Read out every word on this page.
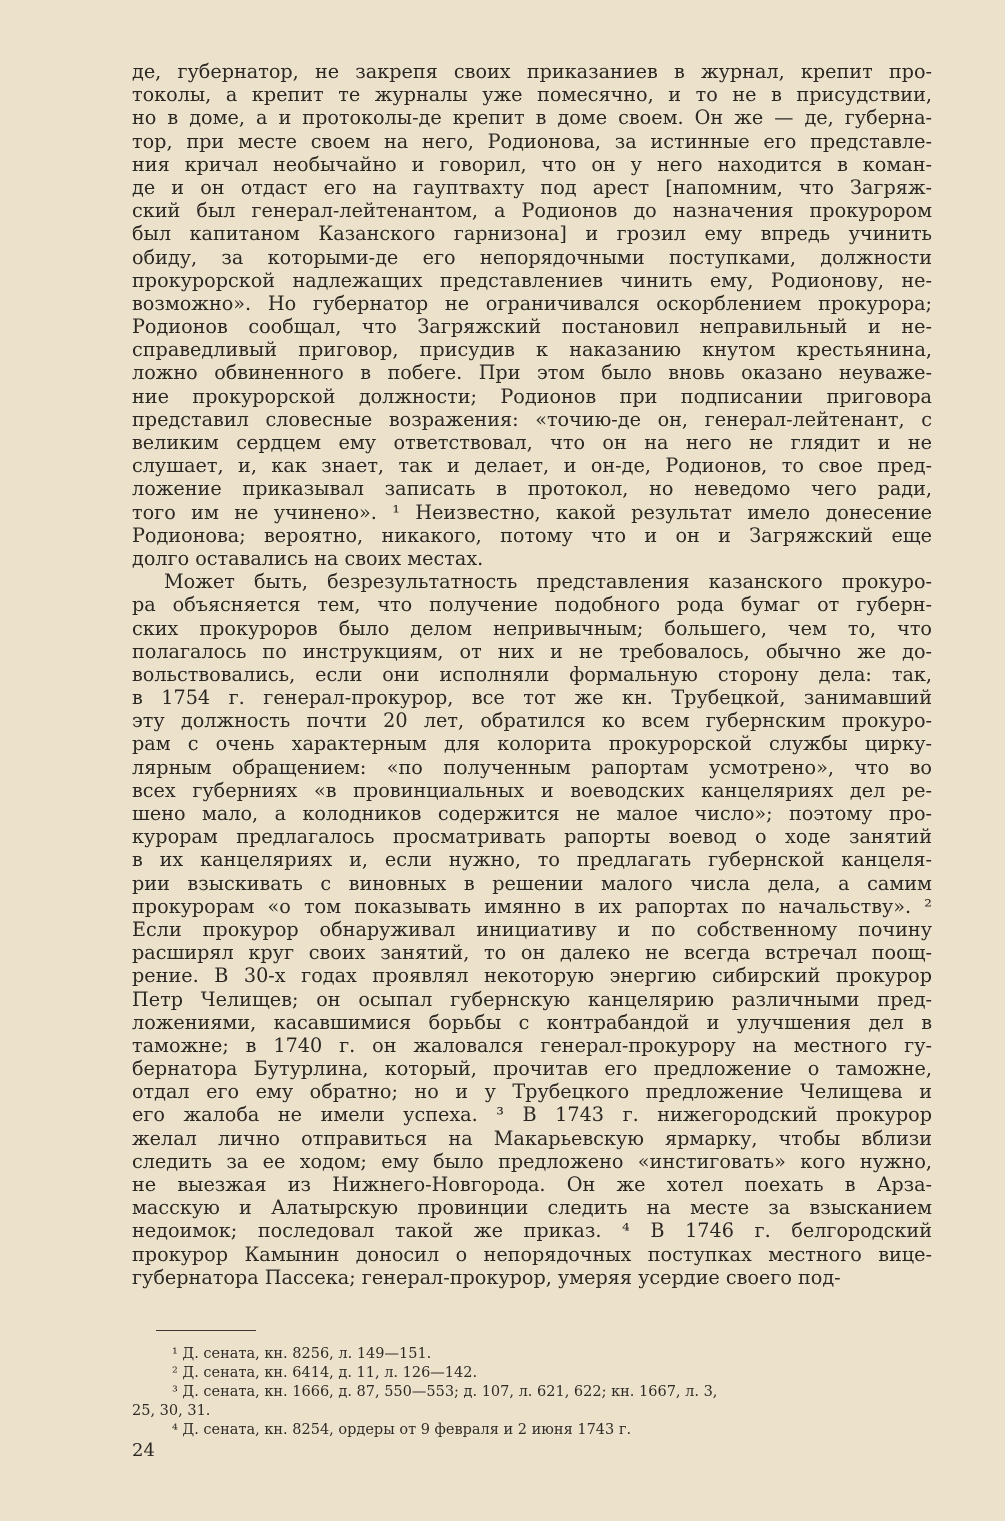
де, губернатор, не закрепя своих приказаниев в журнал, крепит про-
токолы, а крепит те журналы уже помесячно, и то не в присудствии,
но в доме, а и протоколы-де крепит в доме своем. Он же — де, губерна-
тор, при месте своем на него, Родионова, за истинные его представле-
ния кричал необычайно и говорил, что он у него находится в коман-
де и он отдаст его на гауптвахту под арест [напомним, что Загряж-
ский был генерал-лейтенантом, а Родионов до назначения прокурором
был капитаном Казанского гарнизона] и грозил ему впредь учинить
обиду, за которыми-де его непорядочными поступками, должности
прокурорской надлежащих представлениев чинить ему, Родионову, не-
возможно». Но губернатор не ограничивался оскорблением прокурора;
Родионов сообщал, что Загряжский постановил неправильный и не-
справедливый приговор, присудив к наказанию кнутом крестьянина,
ложно обвиненного в побеге. При этом было вновь оказано неуваже-
ние прокурорской должности; Родионов при подписании приговора
представил словесные возражения: «точию-де он, генерал-лейтенант, с
великим сердцем ему ответствовал, что он на него не глядит и не
слушает, и, как знает, так и делает, и он-де, Родионов, то свое пред-
ложение приказывал записать в протокол, но неведомо чего ради,
того им не учинено». ¹ Неизвестно, какой результат имело донесение
Родионова; вероятно, никакого, потому что и он и Загряжский еще
долго оставались на своих местах.
Может быть, безрезультатность представления казанского прокуро-
ра объясняется тем, что получение подобного рода бумаг от губерн-
ских прокуроров было делом непривычным; большего, чем то, что
полагалось по инструкциям, от них и не требовалось, обычно же до-
вольствовались, если они исполняли формальную сторону дела: так,
в 1754 г. генерал-прокурор, все тот же кн. Трубецкой, занимавший
эту должность почти 20 лет, обратился ко всем губернским прокуро-
рам с очень характерным для колорита прокурорской службы цирку-
лярным обращением: «по полученным рапортам усмотрено», что во
всех губерниях «в провинциальных и воеводских канцеляриях дел ре-
шено мало, а колодников содержится не малое число»; поэтому про-
курорам предлагалось просматривать рапорты воевод о ходе занятий
в их канцеляриях и, если нужно, то предлагать губернской канцеля-
рии взыскивать с виновных в решении малого числа дела, а самим
прокурорам «о том показывать имянно в их рапортах по начальству». ²
Если прокурор обнаруживал инициативу и по собственному почину
расширял круг своих занятий, то он далеко не всегда встречал поощ-
рение. В 30-х годах проявлял некоторую энергию сибирский прокурор
Петр Челищев; он осыпал губернскую канцелярию различными пред-
ложениями, касавшимися борьбы с контрабандой и улучшения дел в
таможне; в 1740 г. он жаловался генерал-прокурору на местного гу-
бернатора Бутурлина, который, прочитав его предложение о таможне,
отдал его ему обратно; но и у Трубецкого предложение Челищева и
его жалоба не имели успеха. ³ В 1743 г. нижегородский прокурор
желал лично отправиться на Макарьевскую ярмарку, чтобы вблизи
следить за ее ходом; ему было предложено «инстиговать» кого нужно,
не выезжая из Нижнего-Новгорода. Он же хотел поехать в Арза-
масскую и Алатырскую провинции следить на месте за взысканием
недоимок; последовал такой же приказ. ⁴ В 1746 г. белгородский
прокурор Камынин доносил о непорядочных поступках местного вице-
губернатора Пассека; генерал-прокурор, умеряя усердие своего под-
¹ Д. сената, кн. 8256, л. 149—151.
² Д. сената, кн. 6414, д. 11, л. 126—142.
³ Д. сената, кн. 1666, д. 87, 550—553; д. 107, л. 621, 622; кн. 1667, л. 3,
25, 30, 31.
⁴ Д. сената, кн. 8254, ордеры от 9 февраля и 2 июня 1743 г.
24
